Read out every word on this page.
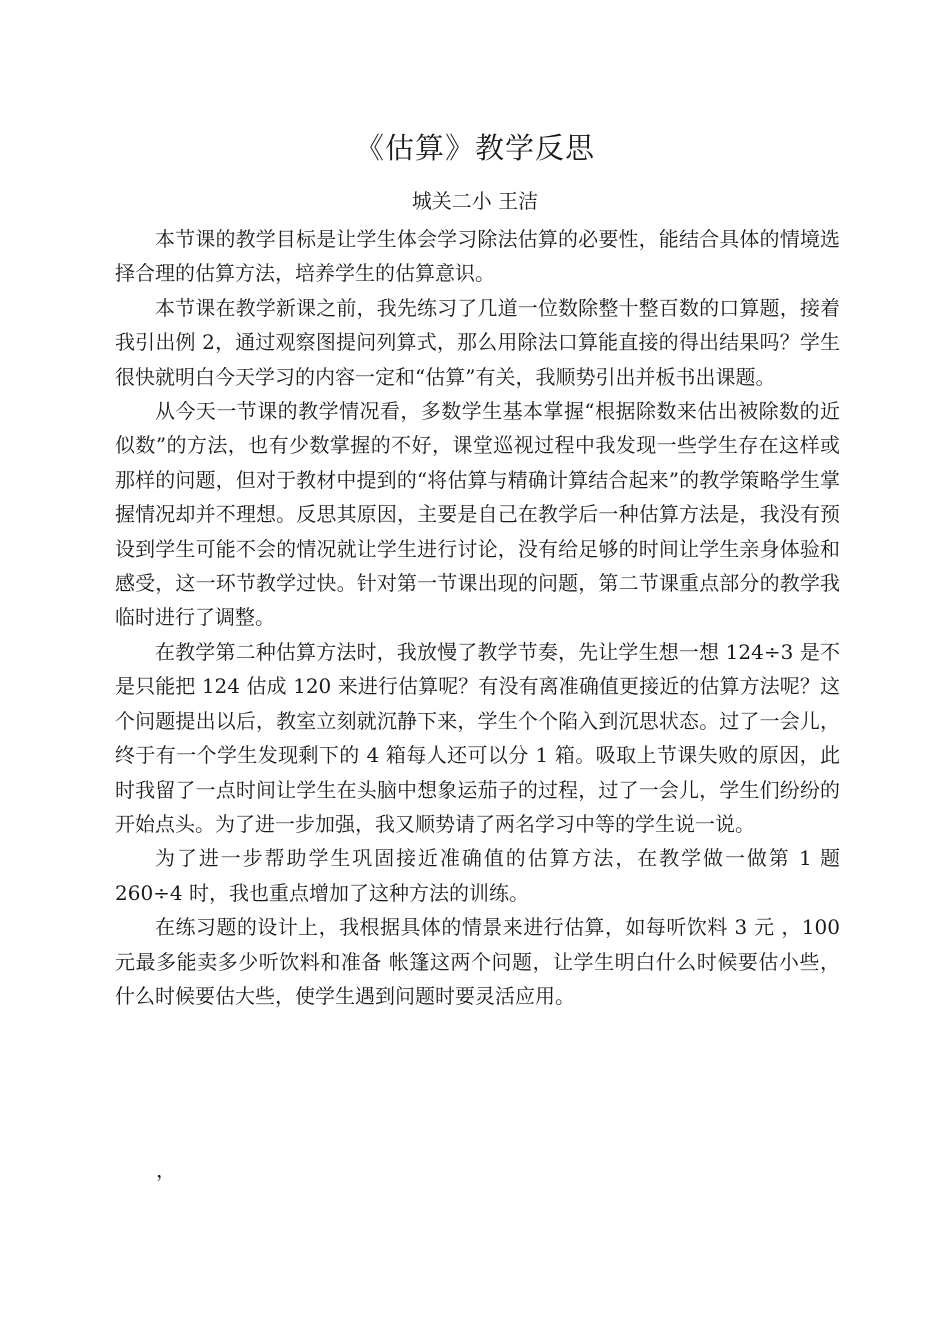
《估算》教学反思
城关二小 王洁

本节课的教学目标是让学生体会学习除法估算的必要性，能结合具体的情境选择合理的估算方法，培养学生的估算意识。

本节课在教学新课之前，我先练习了几道一位数除整十整百数的口算题，接着我引出例 2，通过观察图提问列算式，那么用除法口算能直接的得出结果吗？学生很快就明白今天学习的内容一定和“估算”有关，我顺势引出并板书出课题。

从今天一节课的教学情况看，多数学生基本掌握“根据除数来估出被除数的近似数”的方法，也有少数掌握的不好，课堂巡视过程中我发现一些学生存在这样或那样的问题，但对于教材中提到的“将估算与精确计算结合起来”的教学策略学生掌握情况却并不理想。反思其原因，主要是自己在教学后一种估算方法是，我没有预设到学生可能不会的情况就让学生进行讨论，没有给足够的时间让学生亲身体验和感受，这一环节教学过快。针对第一节课出现的问题，第二节课重点部分的教学我临时进行了调整。

在教学第二种估算方法时，我放慢了教学节奏，先让学生想一想 124÷3 是不是只能把 124 估成 120 来进行估算呢？有没有离准确值更接近的估算方法呢？这个问题提出以后，教室立刻就沉静下来，学生个个陷入到沉思状态。过了一会儿，终于有一个学生发现剩下的 4 箱每人还可以分 1 箱。吸取上节课失败的原因，此时我留了一点时间让学生在头脑中想象运茄子的过程，过了一会儿，学生们纷纷的开始点头。为了进一步加强，我又顺势请了两名学习中等的学生说一说。

为了进一步帮助学生巩固接近准确值的估算方法，在教学做一做第 1 题 260÷4 时，我也重点增加了这种方法的训练。

在练习题的设计上，我根据具体的情景来进行估算，如每听饮料 3 元 ，100 元最多能卖多少听饮料和准备 帐篷这两个问题，让学生明白什么时候要估小些，什么时候要估大些，使学生遇到问题时要灵活应用。

，
